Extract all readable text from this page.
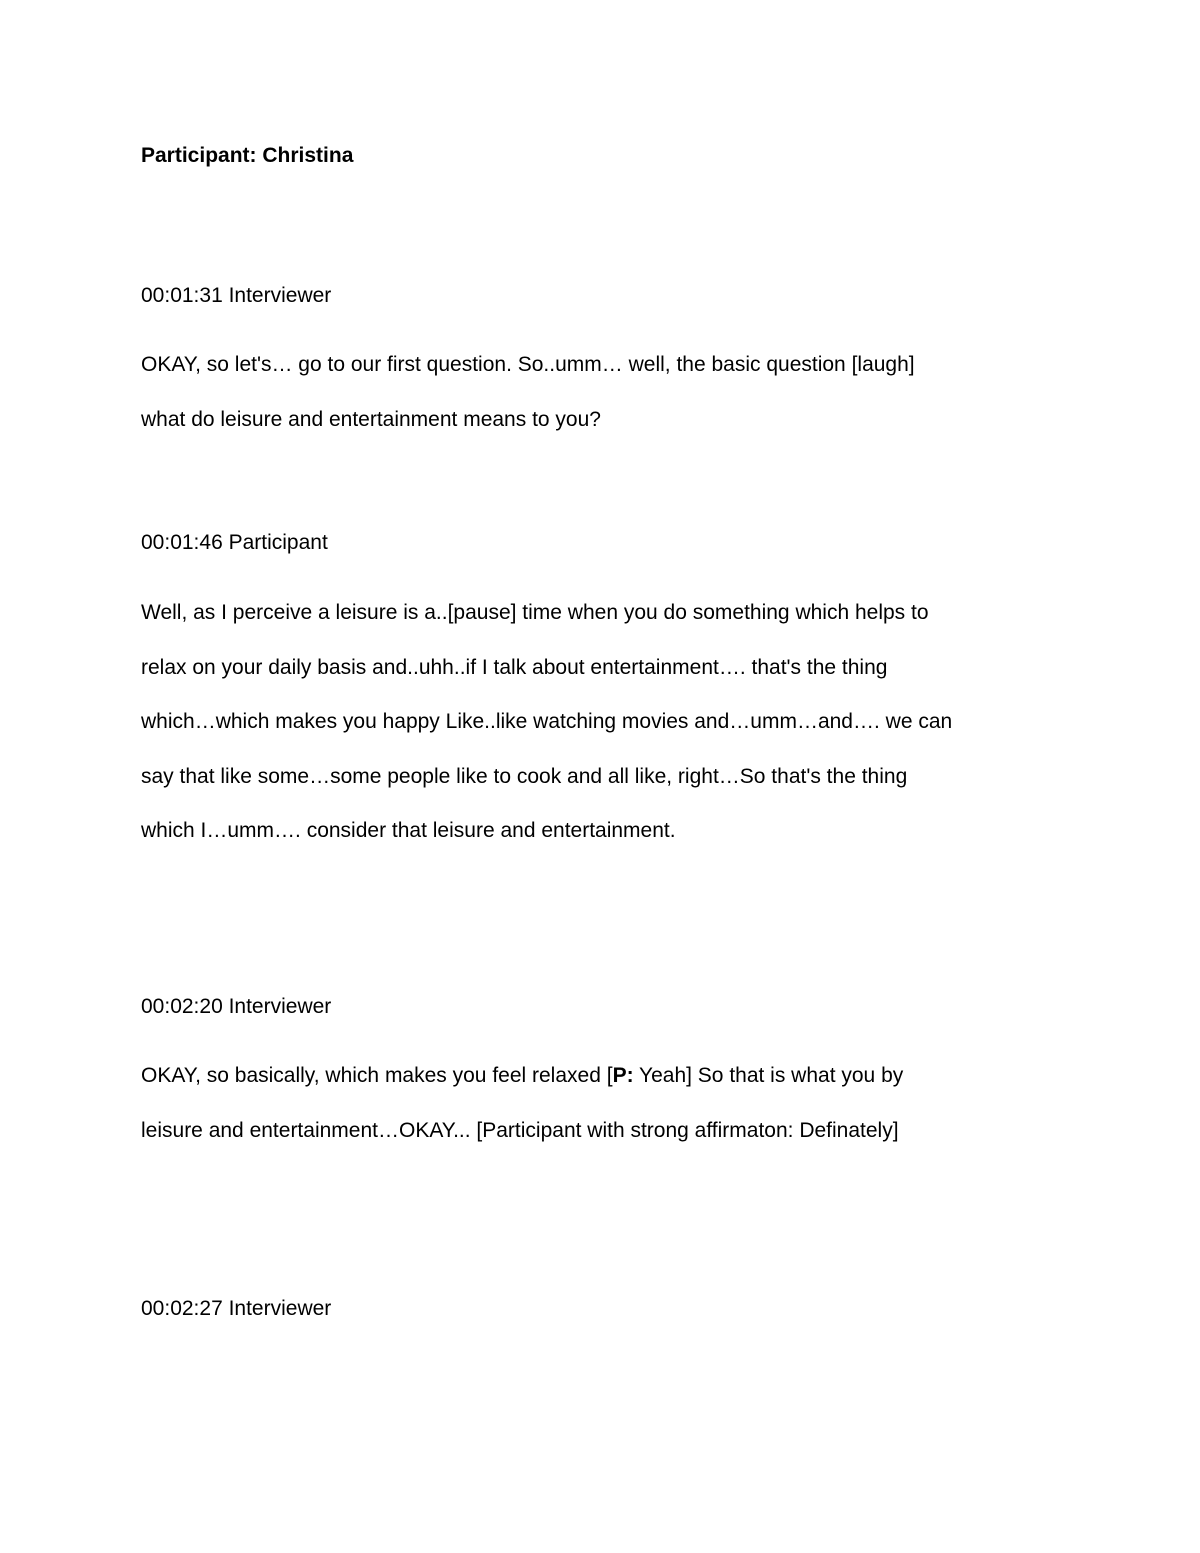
Participant: Christina
00:01:31 Interviewer

OKAY, so let's… go to our first question. So..umm… well, the basic question [laugh]
what do leisure and entertainment means to you?

00:01:46 Participant

Well, as I perceive a leisure is a..[pause] time when you do something which helps to
relax on your daily basis and..uhh..if I talk about entertainment…. that's the thing
which…which makes you happy Like..like watching movies and…umm…and…. we can
say that like some…some people like to cook and all like, right…So that's the thing
which I…umm…. consider that leisure and entertainment.

00:02:20 Interviewer

OKAY, so basically, which makes you feel relaxed [P: Yeah] So that is what you by
leisure and entertainment…OKAY... [Participant with strong affirmaton: Definately]

00:02:27 Interviewer
